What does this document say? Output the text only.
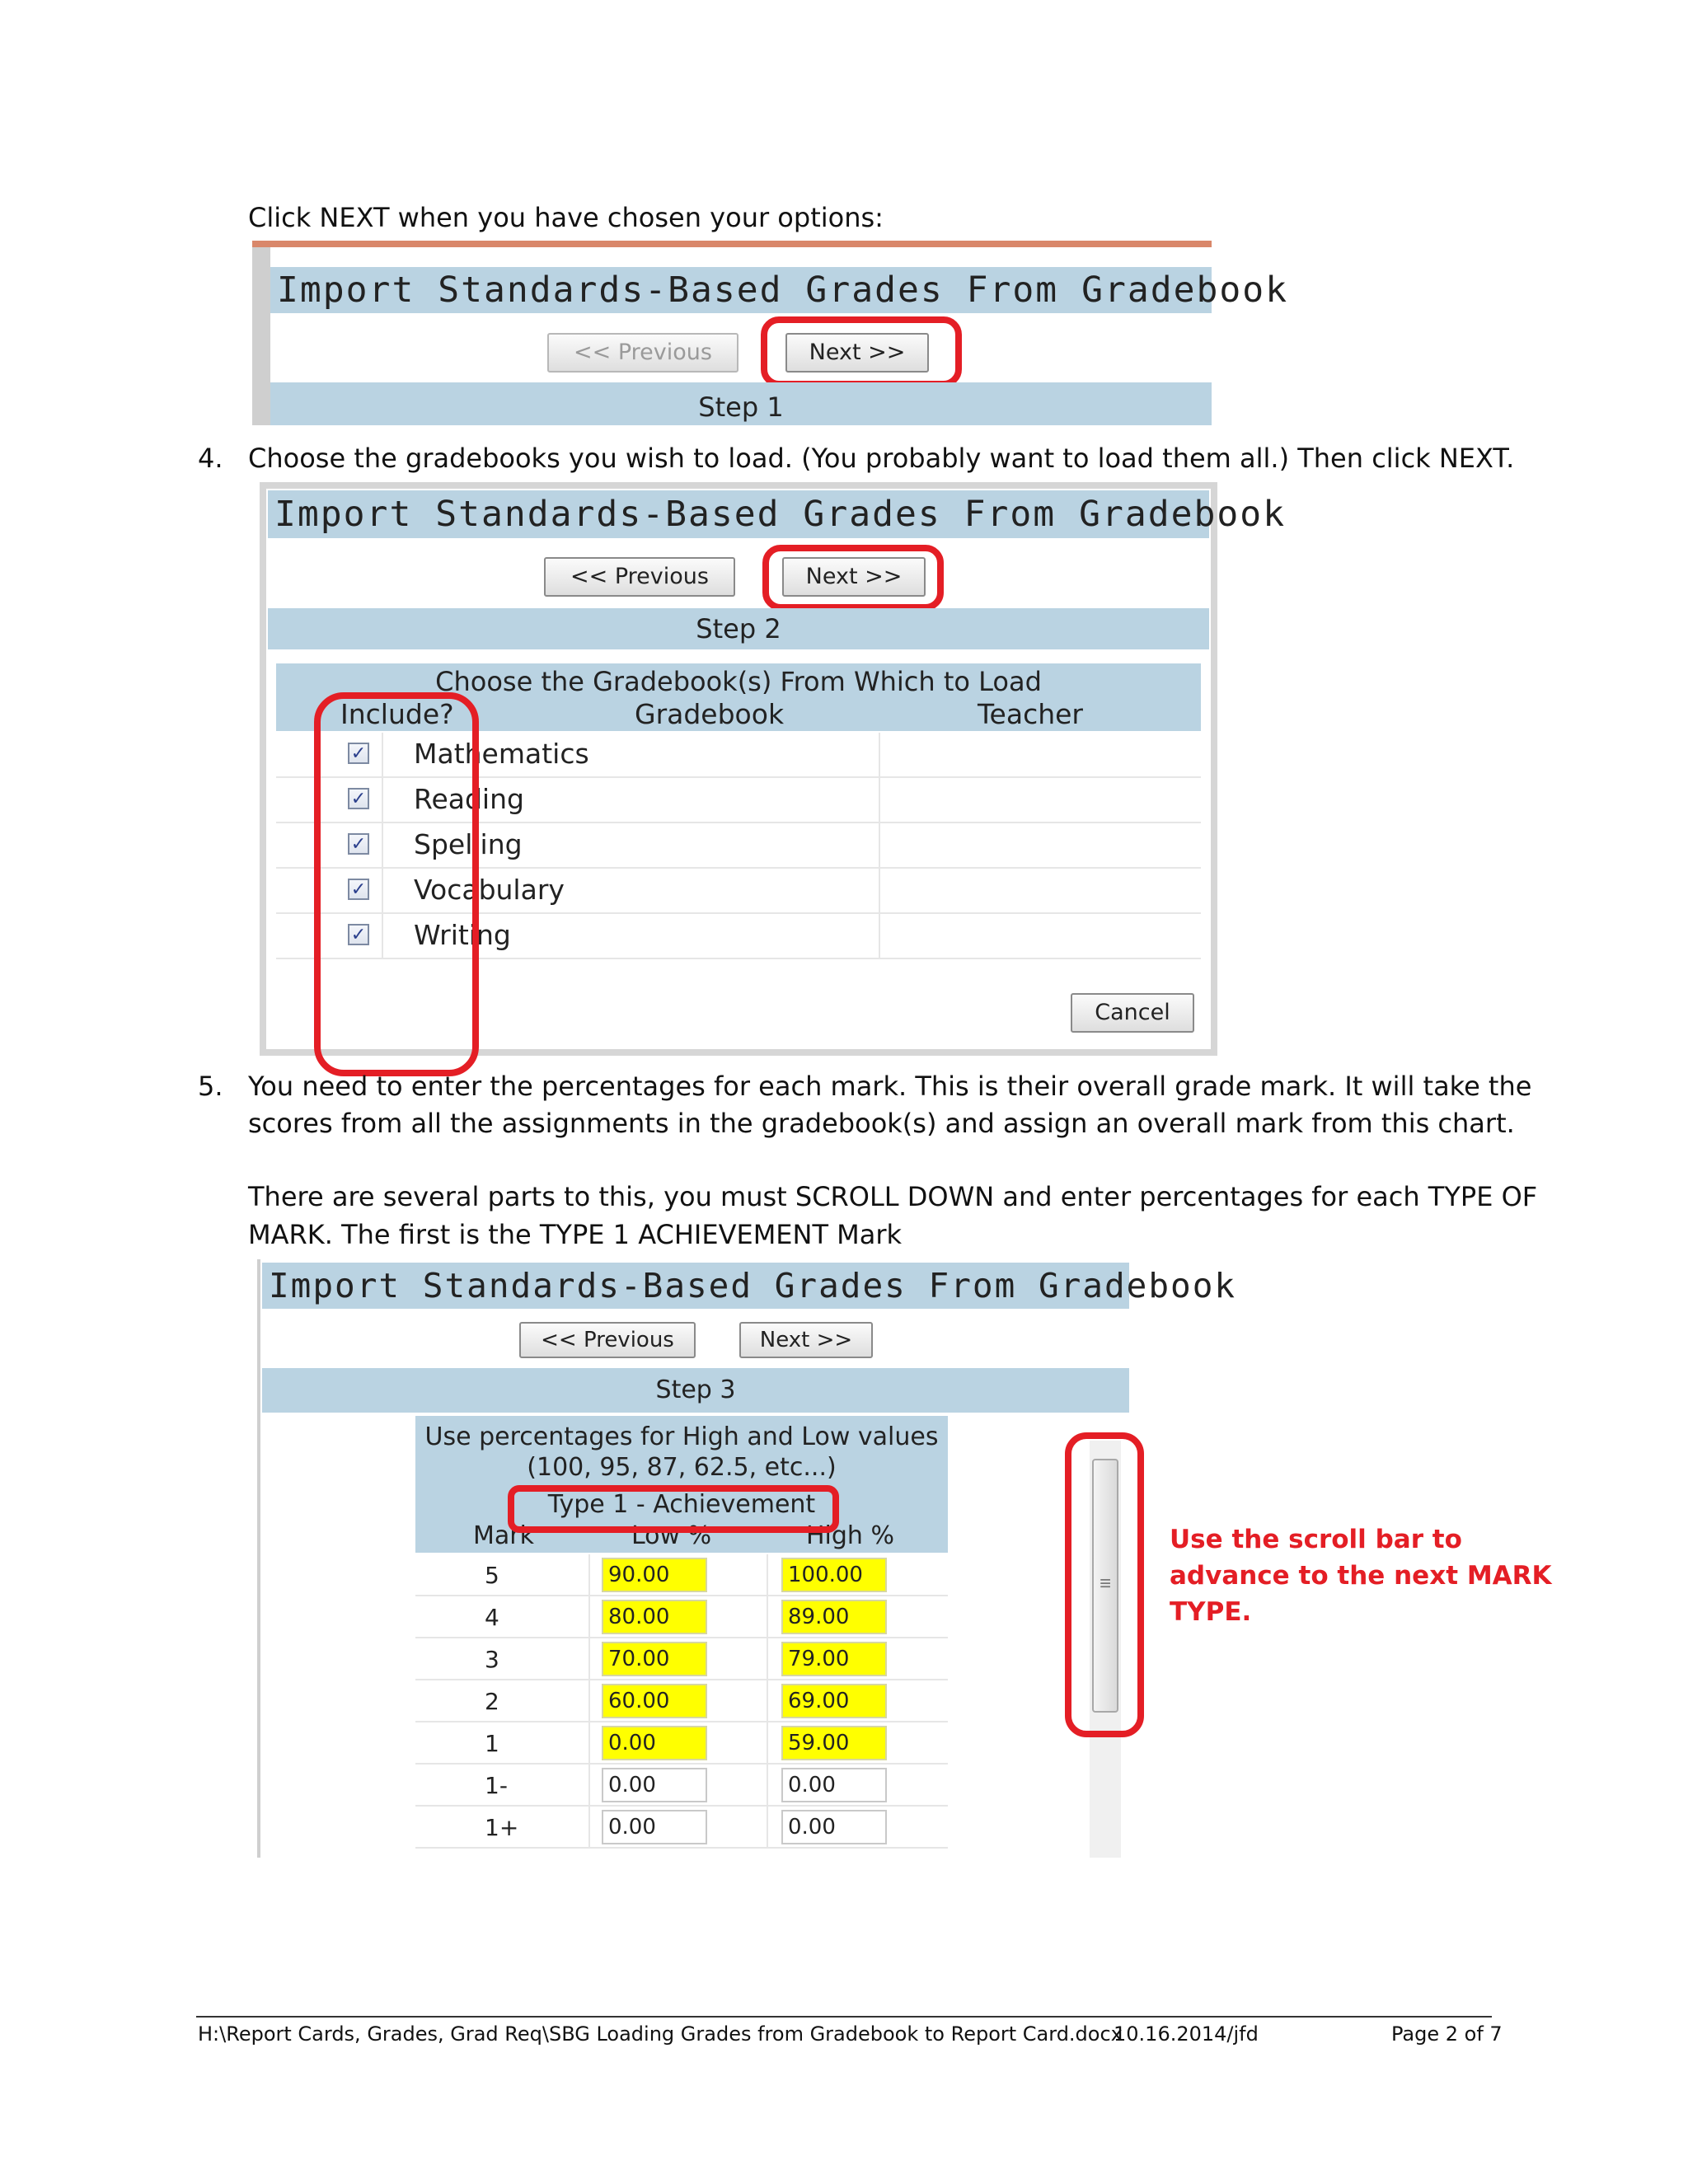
Click NEXT when you have chosen your options:
Import Standards-Based Grades From Gradebook
<< Previous	Next >>
Step 1
4. Choose the gradebooks you wish to load. (You probably want to load them all.) Then click NEXT.
Import Standards-Based Grades From Gradebook
<< Previous	Next >>
Step 2
Choose the Gradebook(s) From Which to Load
Include?	Gradebook	Teacher
✓ Mathematics
✓ Reading
✓ Spelling
✓ Vocabulary
✓ Writing
Cancel
5. You need to enter the percentages for each mark. This is their overall grade mark. It will take the
scores from all the assignments in the gradebook(s) and assign an overall mark from this chart.
There are several parts to this, you must SCROLL DOWN and enter percentages for each TYPE OF
MARK. The first is the TYPE 1 ACHIEVEMENT Mark
Import Standards-Based Grades From Gradebook
<< Previous	Next >>
Step 3
Use percentages for High and Low values
(100, 95, 87, 62.5, etc...)
Type 1 - Achievement
Mark	Low %	High %
5	90.00	100.00
4	80.00	89.00
3	70.00	79.00
2	60.00	69.00
1	0.00	59.00
1-	0.00	0.00
1+	0.00	0.00
≡
Use the scroll bar to
advance to the next MARK
TYPE.
H:\Report Cards, Grades, Grad Req\SBG Loading Grades from Gradebook to Report Card.docx
10.16.2014/jfd	Page 2 of 7
